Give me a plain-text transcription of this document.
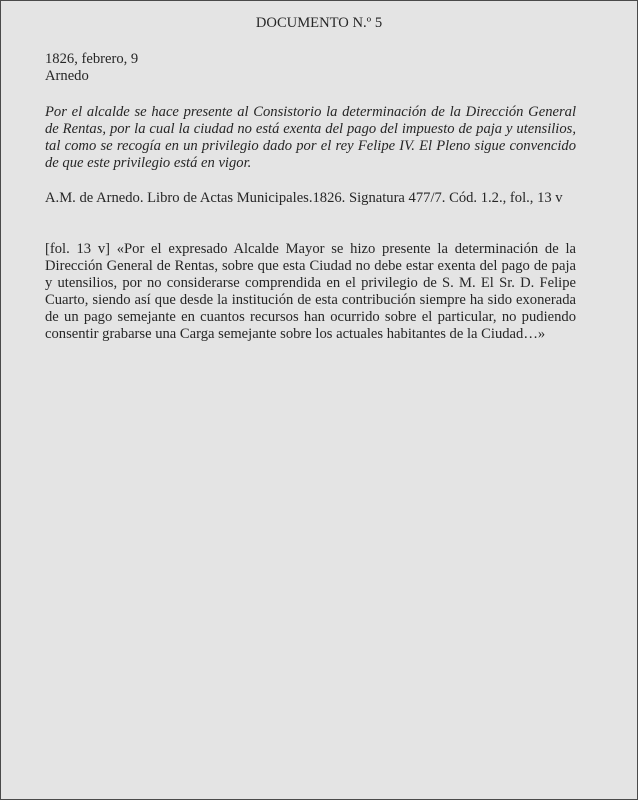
DOCUMENTO N.º 5

1826, febrero, 9

Arnedo

Por el alcalde se hace presente al Consistorio la determinación de la Dirección General de Rentas, por la cual la ciudad no está exenta del pago del impuesto de paja y utensilios, tal como se recogía en un privilegio dado por el rey Felipe IV. El Pleno sigue convencido de que este privilegio está en vigor.

A.M. de Arnedo. Libro de Actas Municipales.1826. Signatura 477/7. Cód. 1.2., fol., 13 v

[fol. 13 v] «Por el expresado Alcalde Mayor se hizo presente la determinación de la Dirección General de Rentas, sobre que esta Ciudad no debe estar exenta del pago de paja y utensilios, por no considerarse comprendida en el privilegio de S. M. El Sr. D. Felipe Cuarto, siendo así que desde la institución de esta contribución siempre ha sido exonerada de un pago semejante en cuantos recursos han ocurrido sobre el particular, no pudiendo consentir grabarse una Carga semejante sobre los actuales habitantes de la Ciudad…»
